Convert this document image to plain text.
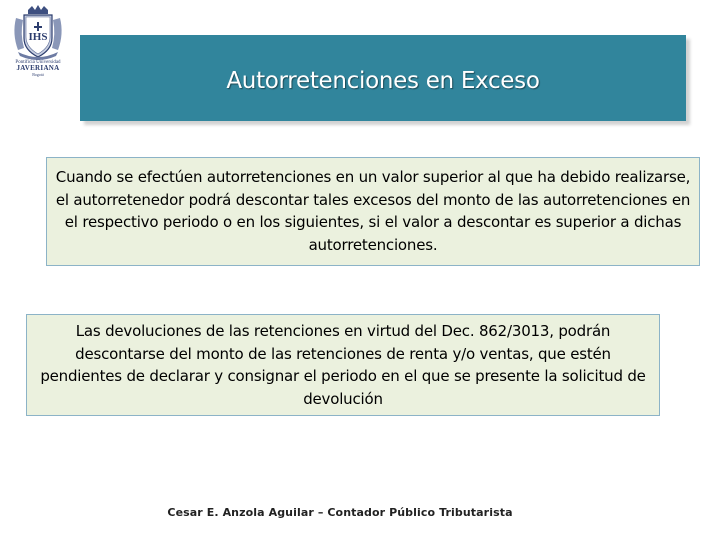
IHS
Pontificia Universidad
JAVERIANA
Bogotá	Autorretenciones en Exceso
Cuando se efectúen autorretenciones en un valor superior al que ha debido realizarse, el autorretenedor podrá descontar tales excesos del monto de las autorretenciones en el respectivo periodo o en los siguientes, si el valor a descontar es superior a dichas autorretenciones.
Las devoluciones de las retenciones en virtud del Dec. 862/3013, podrán descontarse del monto de las retenciones de renta y/o ventas, que estén pendientes de declarar y consignar el periodo en el que se presente la solicitud de devolución
Cesar E. Anzola Aguilar – Contador Público Tributarista
